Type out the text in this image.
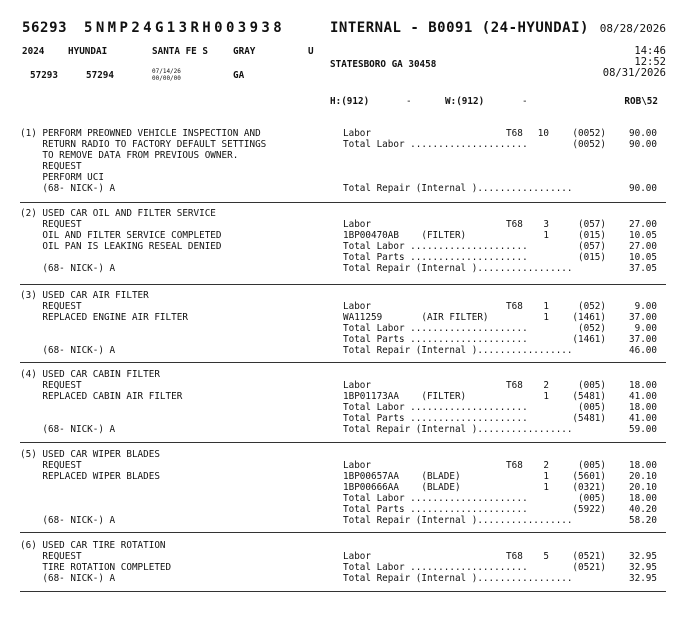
56293 5NMP24G13RH003938	INTERNAL - B0091 (24-HYUNDAI) 08/28/2026
2024	HYUNDAI	SANTA FE S	GRAY	U	14:46
STATESBORO GA 30458	12:52
08/31/2026
57293	57294	07/14/26
00/00/00	GA
H:(912)	-	W:(912)	-	ROB\52
(1) PERFORM PREOWNED VEHICLE INSPECTION AND
RETURN RADIO TO FACTORY DEFAULT SETTINGS
TO REMOVE DATA FROM PREVIOUS OWNER.
REQUEST
PERFORM UCI
(68- NICK-) A
Labor	T68 10	(0052) 90.00
Total Labor .....................	(0052) 90.00
Total Repair (Internal ).................	90.00
(2) USED CAR OIL AND FILTER SERVICE
REQUEST
OIL AND FILTER SERVICE COMPLETED
OIL PAN IS LEAKING RESEAL DENIED
(68- NICK-) A
Labor	T68 3	(057) 27.00
1BP00470AB    (FILTER)	1	(015) 10.05
Total Labor .....................	(057) 27.00
Total Parts .....................	(015) 10.05
Total Repair (Internal ).................	37.05
(3) USED CAR AIR FILTER
REQUEST
REPLACED ENGINE AIR FILTER
(68- NICK-) A
Labor	T68 1	(052)	9.00
WA11259       (AIR FILTER)	1	(1461) 37.00
Total Labor .....................	(052)	9.00
Total Parts .....................	(1461) 37.00
Total Repair (Internal ).................	46.00
(4) USED CAR CABIN FILTER
REQUEST
REPLACED CABIN AIR FILTER
(68- NICK-) A
Labor	T68 2	(005) 18.00
1BP01173AA    (FILTER)	1	(5481) 41.00
Total Labor .....................	(005) 18.00
Total Parts .....................	(5481) 41.00
Total Repair (Internal ).................	59.00
(5) USED CAR WIPER BLADES
REQUEST
REPLACED WIPER BLADES
(68- NICK-) A
Labor	T68 2	(005) 18.00
1BP00657AA    (BLADE)	1	(5601) 20.10
1BP00666AA    (BLADE)	1	(0321) 20.10
Total Labor .....................	(005) 18.00
Total Parts .....................	(5922) 40.20
Total Repair (Internal ).................	58.20
(6) USED CAR TIRE ROTATION
REQUEST
TIRE ROTATION COMPLETED
(68- NICK-) A
Labor	T68 5	(0521) 32.95
Total Labor .....................	(0521) 32.95
Total Repair (Internal ).................	32.95
